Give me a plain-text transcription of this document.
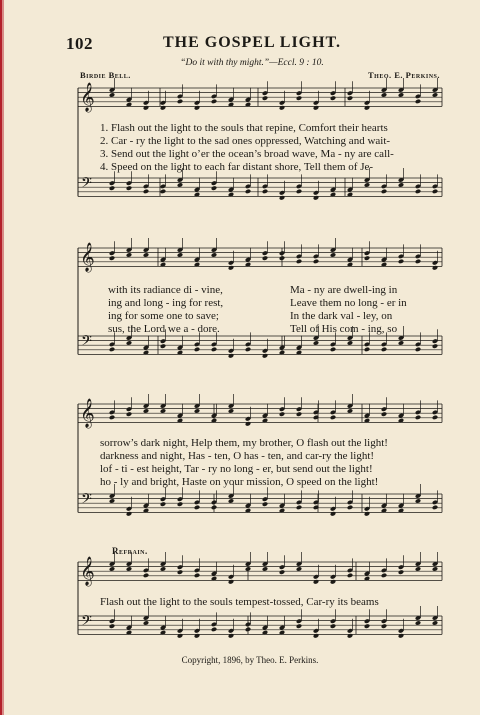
102	THE GOSPEL LIGHT.
“Do it with thy might.”—Eccl. 9 : 10.
Birdie Bell.	Theo. E. Perkins.
𝄞
𝄢
𝄞
𝄢
𝄞
𝄢
𝄞
𝄢
1. Flash out the light to the souls that repine, Comfort their hearts
2. Car - ry the light to the sad ones oppressed, Watching and wait-
3. Send out the light o’er the ocean’s broad wave, Ma - ny are call-
4. Speed on the light to each far distant shore, Tell them of Je-
with its radiance di - vine,
ing and long - ing for rest,
ing for some one to save;
sus, the Lord we a - dore.
Ma - ny are dwell-ing in
Leave them no long - er in
In the dark val - ley, on
Tell of His com - ing, so
sorrow’s dark night, Help them, my brother, O flash out the light!
darkness and night, Has - ten, O has - ten, and car-ry the light!
lof - ti - est height, Tar - ry no long - er, but send out the light!
ho - ly and bright, Haste on your mission, O speed on the light!
Refrain.
Flash out the light to the souls tempest-tossed, Car-ry its beams
Copyright, 1896, by Theo. E. Perkins.
